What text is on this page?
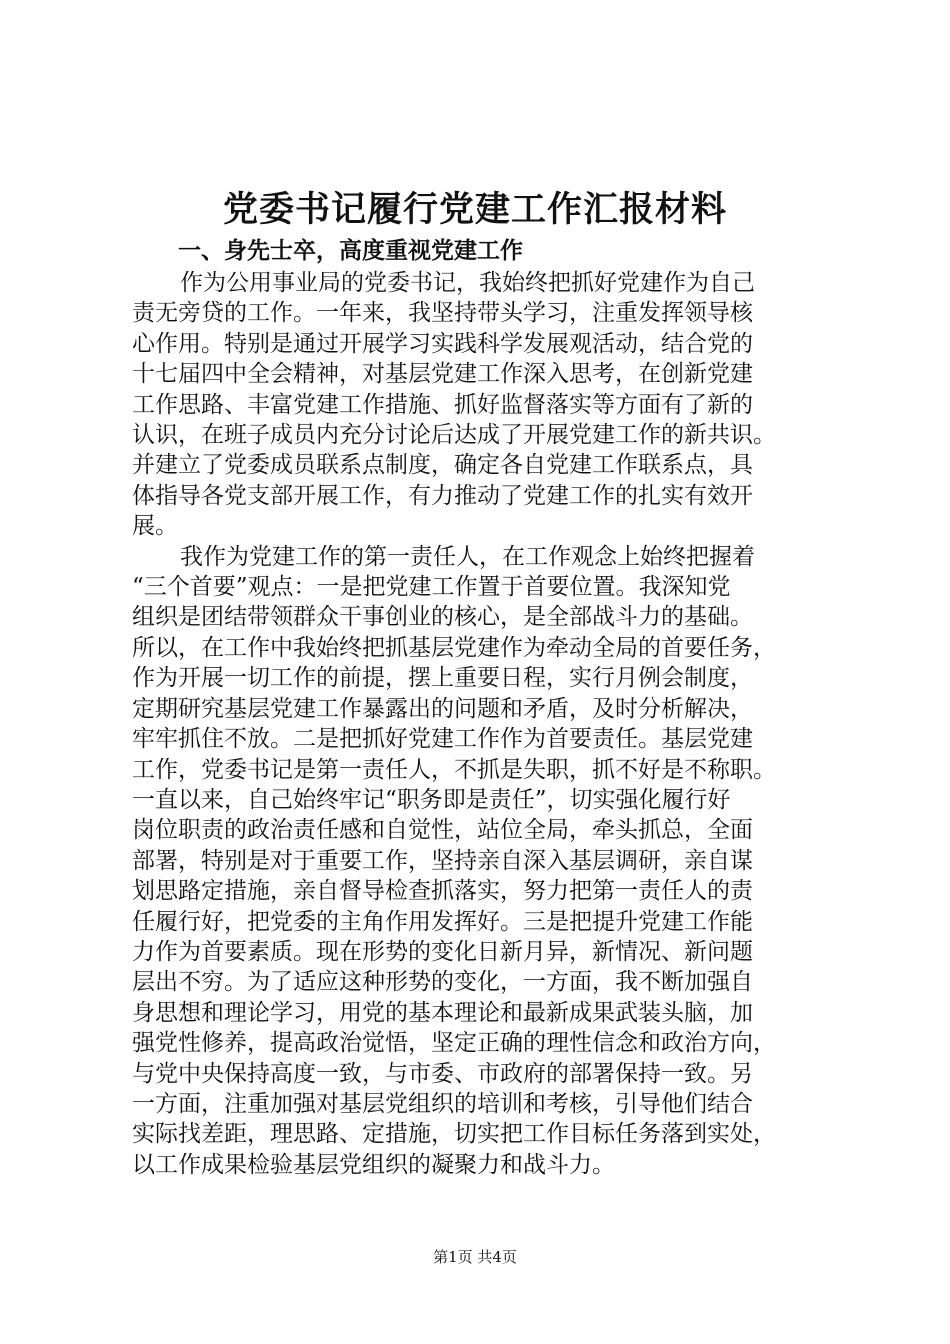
党委书记履行党建工作汇报材料
一、身先士卒，高度重视党建工作
作为公用事业局的党委书记，我始终把抓好党建作为自己
责无旁贷的工作。一年来，我坚持带头学习，注重发挥领导核
心作用。特别是通过开展学习实践科学发展观活动，结合党的
十七届四中全会精神，对基层党建工作深入思考，在创新党建
工作思路、丰富党建工作措施、抓好监督落实等方面有了新的
认识，在班子成员内充分讨论后达成了开展党建工作的新共识。
并建立了党委成员联系点制度，确定各自党建工作联系点，具
体指导各党支部开展工作，有力推动了党建工作的扎实有效开
展。
我作为党建工作的第一责任人，在工作观念上始终把握着
“三个首要”观点：一是把党建工作置于首要位置。我深知党
组织是团结带领群众干事创业的核心，是全部战斗力的基础。
所以，在工作中我始终把抓基层党建作为牵动全局的首要任务，
作为开展一切工作的前提，摆上重要日程，实行月例会制度，
定期研究基层党建工作暴露出的问题和矛盾，及时分析解决，
牢牢抓住不放。二是把抓好党建工作作为首要责任。基层党建
工作，党委书记是第一责任人，不抓是失职，抓不好是不称职。
一直以来，自己始终牢记“职务即是责任”，切实强化履行好
岗位职责的政治责任感和自觉性，站位全局，牵头抓总，全面
部署，特别是对于重要工作，坚持亲自深入基层调研，亲自谋
划思路定措施，亲自督导检查抓落实，努力把第一责任人的责
任履行好，把党委的主角作用发挥好。三是把提升党建工作能
力作为首要素质。现在形势的变化日新月异，新情况、新问题
层出不穷。为了适应这种形势的变化，一方面，我不断加强自
身思想和理论学习，用党的基本理论和最新成果武装头脑，加
强党性修养，提高政治觉悟，坚定正确的理性信念和政治方向，
与党中央保持高度一致，与市委、市政府的部署保持一致。另
一方面，注重加强对基层党组织的培训和考核，引导他们结合
实际找差距，理思路、定措施，切实把工作目标任务落到实处，
以工作成果检验基层党组织的凝聚力和战斗力。
第1页 共4页
